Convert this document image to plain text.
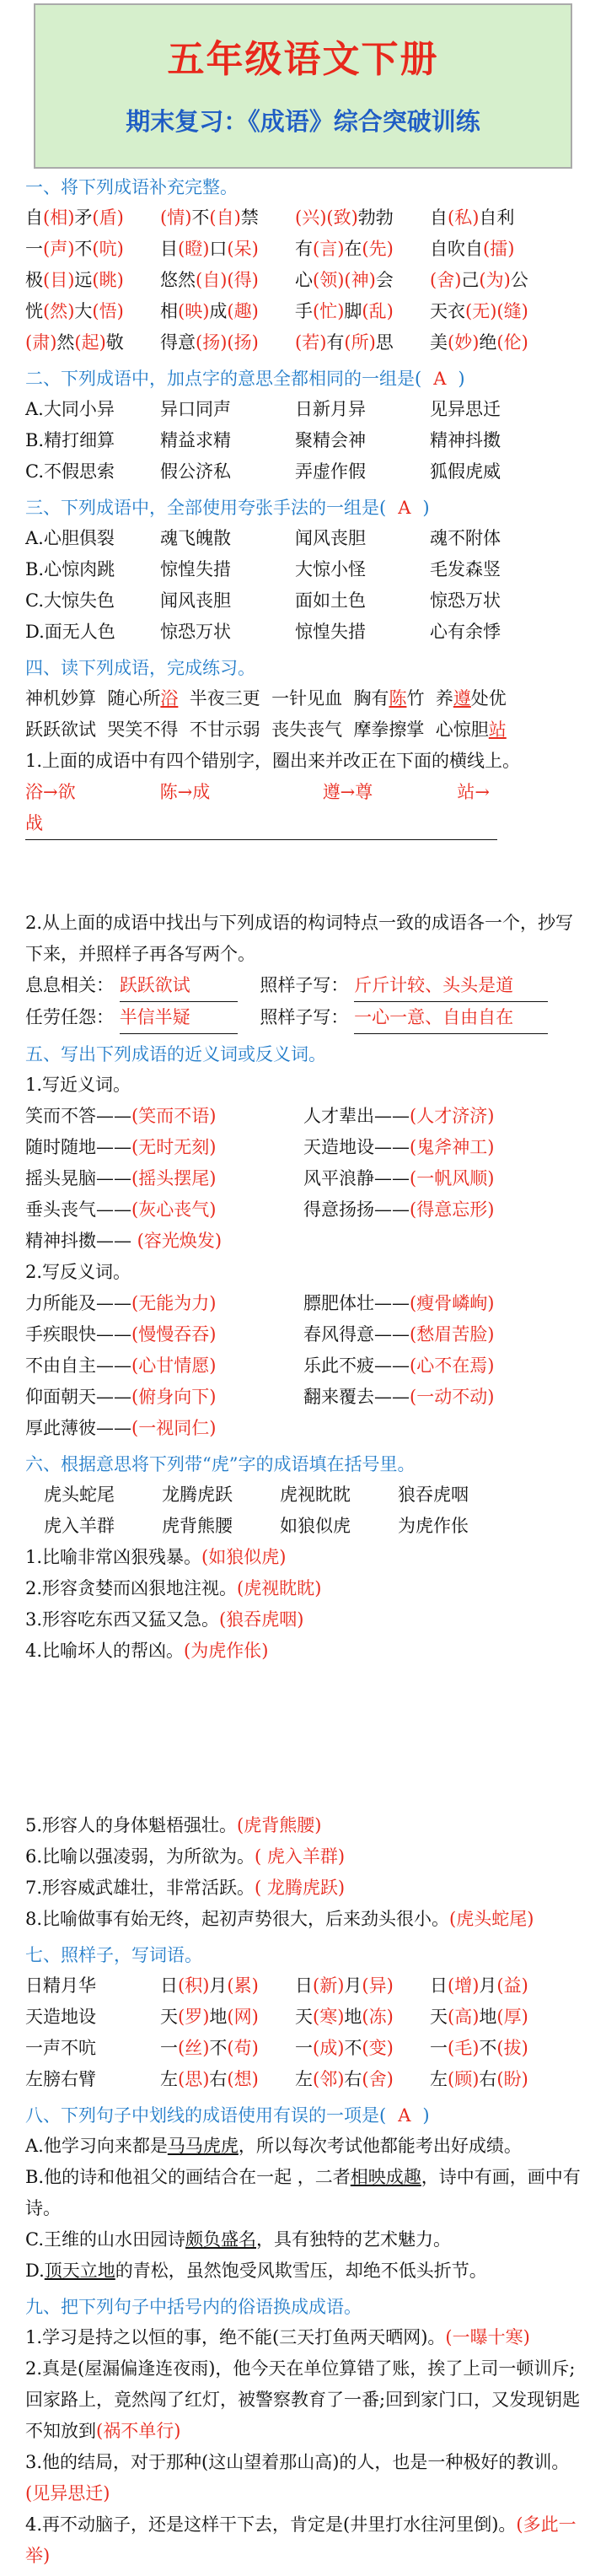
五年级语文下册
期末复习：《成语》综合突破训练
一、将下列成语补充完整。
自(相)矛(盾)	(情)不(自)禁	(兴)(致)勃勃	自(私)自利
一(声)不(吭)	目(瞪)口(呆)	有(言)在(先)	自吹自(擂)
极(目)远(眺)	悠然(自)(得)	心(领)(神)会	(舍)己(为)公
恍(然)大(悟)	相(映)成(趣)	手(忙)脚(乱)	天衣(无)(缝)
(肃)然(起)敬	得意(扬)(扬)	(若)有(所)思	美(妙)绝(伦)
二、下列成语中，加点字的意思全都相同的一组是( A )
A.大同小异	异口同声	日新月异	见异思迁
B.精打细算	精益求精	聚精会神	精神抖擞
C.不假思索	假公济私	弄虚作假	狐假虎威
三、下列成语中，全部使用夸张手法的一组是( A )
A.心胆俱裂	魂飞魄散	闻风丧胆	魂不附体
B.心惊肉跳	惊惶失措	大惊小怪	毛发森竖
C.大惊失色	闻风丧胆	面如土色	惊恐万状
D.面无人色	惊恐万状	惊惶失措	心有余悸
四、读下列成语，完成练习。
神机妙算 随心所浴 半夜三更 一针见血 胸有陈竹 养遵处优
跃跃欲试 哭笑不得 不甘示弱 丧失丧气 摩拳擦掌 心惊胆站
1.上面的成语中有四个错别字，圈出来并改正在下面的横线上。
浴→欲	陈→成	遵→尊	站→战
2.从上面的成语中找出与下列成语的构词特点一致的成语各一个，抄写下来，并照样子再各写两个。
息息相关： 跃跃欲试	照样子写： 斤斤计较、头头是道
任劳任怨： 半信半疑	照样子写： 一心一意、自由自在
五、写出下列成语的近义词或反义词。
1.写近义词。
笑而不答——(笑而不语)	人才辈出——(人才济济)
随时随地——(无时无刻)	天造地设——(鬼斧神工)
摇头晃脑——(摇头摆尾)	风平浪静——(一帆风顺)
垂头丧气——(灰心丧气)	得意扬扬——(得意忘形)
精神抖擞—— (容光焕发)
2.写反义词。
力所能及——(无能为力)	膘肥体壮——(瘦骨嶙峋)
手疾眼快——(慢慢吞吞)	春风得意——(愁眉苦脸)
不由自主——(心甘情愿)	乐此不疲——(心不在焉)
仰面朝天——(俯身向下)	翻来覆去——(一动不动)
厚此薄彼——(一视同仁)
六、根据意思将下列带“虎”字的成语填在括号里。
虎头蛇尾	龙腾虎跃	虎视眈眈	狼吞虎咽
虎入羊群	虎背熊腰	如狼似虎	为虎作伥
1.比喻非常凶狠残暴。(如狼似虎)
2.形容贪婪而凶狠地注视。(虎视眈眈)
3.形容吃东西又猛又急。(狼吞虎咽)
4.比喻坏人的帮凶。(为虎作伥)
5.形容人的身体魁梧强壮。(虎背熊腰)
6.比喻以强凌弱，为所欲为。( 虎入羊群)
7.形容威武雄壮，非常活跃。( 龙腾虎跃)
8.比喻做事有始无终，起初声势很大，后来劲头很小。(虎头蛇尾)
七、照样子，写词语。
日精月华	日(积)月(累)	日(新)月(异)	日(增)月(益)
天造地设	天(罗)地(网)	天(寒)地(冻)	天(高)地(厚)
一声不吭	一(丝)不(苟)	一(成)不(变)	一(毛)不(拔)
左膀右臂	左(思)右(想)	左(邻)右(舍)	左(顾)右(盼)
八、下列句子中划线的成语使用有误的一项是( A )
A.他学习向来都是马马虎虎，所以每次考试他都能考出好成绩。
B.他的诗和他祖父的画结合在一起 ，二者相映成趣，诗中有画，画中有诗。
C.王维的山水田园诗颇负盛名，具有独特的艺术魅力。
D.顶天立地的青松，虽然饱受风欺雪压，却绝不低头折节。
九、把下列句子中括号内的俗语换成成语。
1.学习是持之以恒的事，绝不能(三天打鱼两天晒网)。(一曝十寒)
2.真是(屋漏偏逢连夜雨)，他今天在单位算错了账，挨了上司一顿训斥;回家路上，竟然闯了红灯，被警察教育了一番;回到家门口，又发现钥匙不知放到(祸不单行)
3.他的结局，对于那种(这山望着那山高)的人，也是一种极好的教训。(见异思迁)
4.再不动脑子，还是这样干下去，肯定是(井里打水往河里倒)。(多此一举)
